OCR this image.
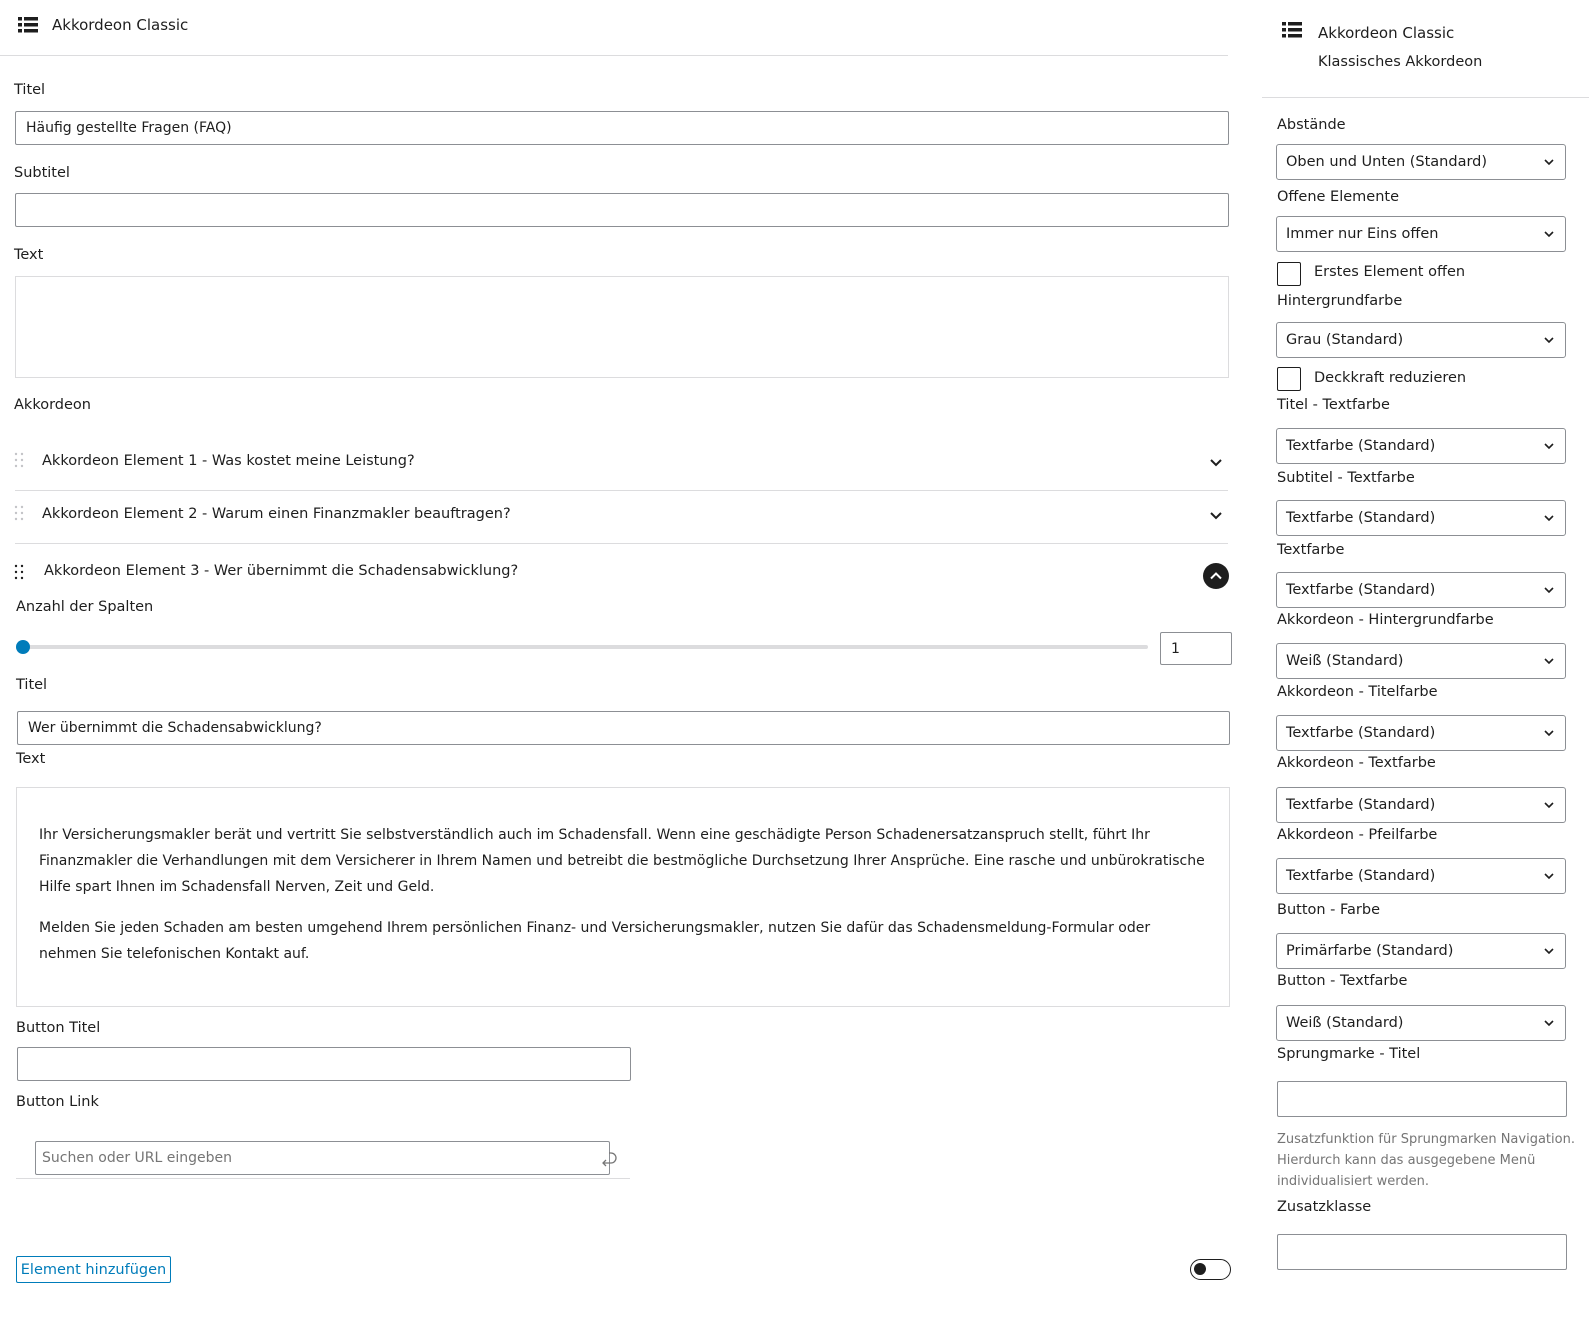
Akkordeon Classic
Titel
Häufig gestellte Fragen (FAQ)
Subtitel
Text
Akkordeon
Akkordeon Element 1 - Was kostet meine Leistung?
Akkordeon Element 2 - Warum einen Finanzmakler beauftragen?
Akkordeon Element 3 - Wer übernimmt die Schadensabwicklung?
Anzahl der Spalten
1
Titel
Wer übernimmt die Schadensabwicklung?
Text

Ihr Versicherungsmakler berät und vertritt Sie selbstverständlich auch im Schadensfall. Wenn eine geschädigte Person Schadenersatzanspruch stellt, führt Ihr Finanzmakler die Verhandlungen mit dem Versicherer in Ihrem Namen und betreibt die bestmögliche Durchsetzung Ihrer Ansprüche. Eine rasche und unbürokratische Hilfe spart Ihnen im Schadensfall Nerven, Zeit und Geld.

Melden Sie jeden Schaden am besten umgehend Ihrem persönlichen Finanz- und Versicherungsmakler, nutzen Sie dafür das Schadensmeldung-Formular oder nehmen Sie telefonischen Kontakt auf.

Button Titel
Button Link
Suchen oder URL eingeben
Element hinzufügen
Akkordeon Classic
Klassisches Akkordeon
Abstände
Oben und Unten (Standard)
Offene Elemente
Immer nur Eins offen
Erstes Element offen
Hintergrundfarbe
Grau (Standard)
Deckkraft reduzieren
Titel - Textfarbe
Textfarbe (Standard)
Subtitel - Textfarbe
Textfarbe (Standard)
Textfarbe
Textfarbe (Standard)
Akkordeon - Hintergrundfarbe
Weiß (Standard)
Akkordeon - Titelfarbe
Textfarbe (Standard)
Akkordeon - Textfarbe
Textfarbe (Standard)
Akkordeon - Pfeilfarbe
Textfarbe (Standard)
Button - Farbe
Primärfarbe (Standard)
Button - Textfarbe
Weiß (Standard)
Sprungmarke - Titel
Zusatzfunktion für Sprungmarken Navigation. Hierdurch kann das ausgegebene Menü individualisiert werden.
Zusatzklasse
